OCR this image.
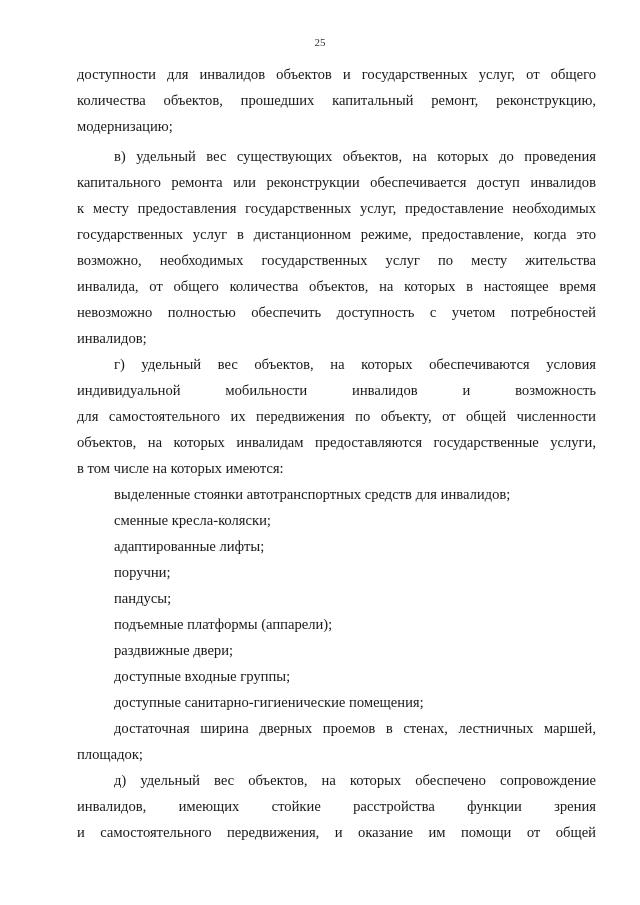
25
доступности для инвалидов объектов и государственных услуг, от общего
количества объектов, прошедших капитальный ремонт, реконструкцию,
модернизацию;
в) удельный вес существующих объектов, на которых до проведения
капитального ремонта или реконструкции обеспечивается доступ инвалидов
к месту предоставления государственных услуг, предоставление необходимых
государственных услуг в дистанционном режиме, предоставление, когда это
возможно, необходимых государственных услуг по месту жительства
инвалида, от общего количества объектов, на которых в настоящее время
невозможно полностью обеспечить доступность с учетом потребностей
инвалидов;
г) удельный вес объектов, на которых обеспечиваются условия
индивидуальной мобильности инвалидов и возможность
для самостоятельного их передвижения по объекту, от общей численности
объектов, на которых инвалидам предоставляются государственные услуги,
в том числе на которых имеются:
выделенные стоянки автотранспортных средств для инвалидов;
сменные кресла-коляски;
адаптированные лифты;
поручни;
пандусы;
подъемные платформы (аппарели);
раздвижные двери;
доступные входные группы;
доступные санитарно-гигиенические помещения;
достаточная ширина дверных проемов в стенах, лестничных маршей,
площадок;
д) удельный вес объектов, на которых обеспечено сопровождение
инвалидов, имеющих стойкие расстройства функции зрения
и самостоятельного передвижения, и оказание им помощи от общей
